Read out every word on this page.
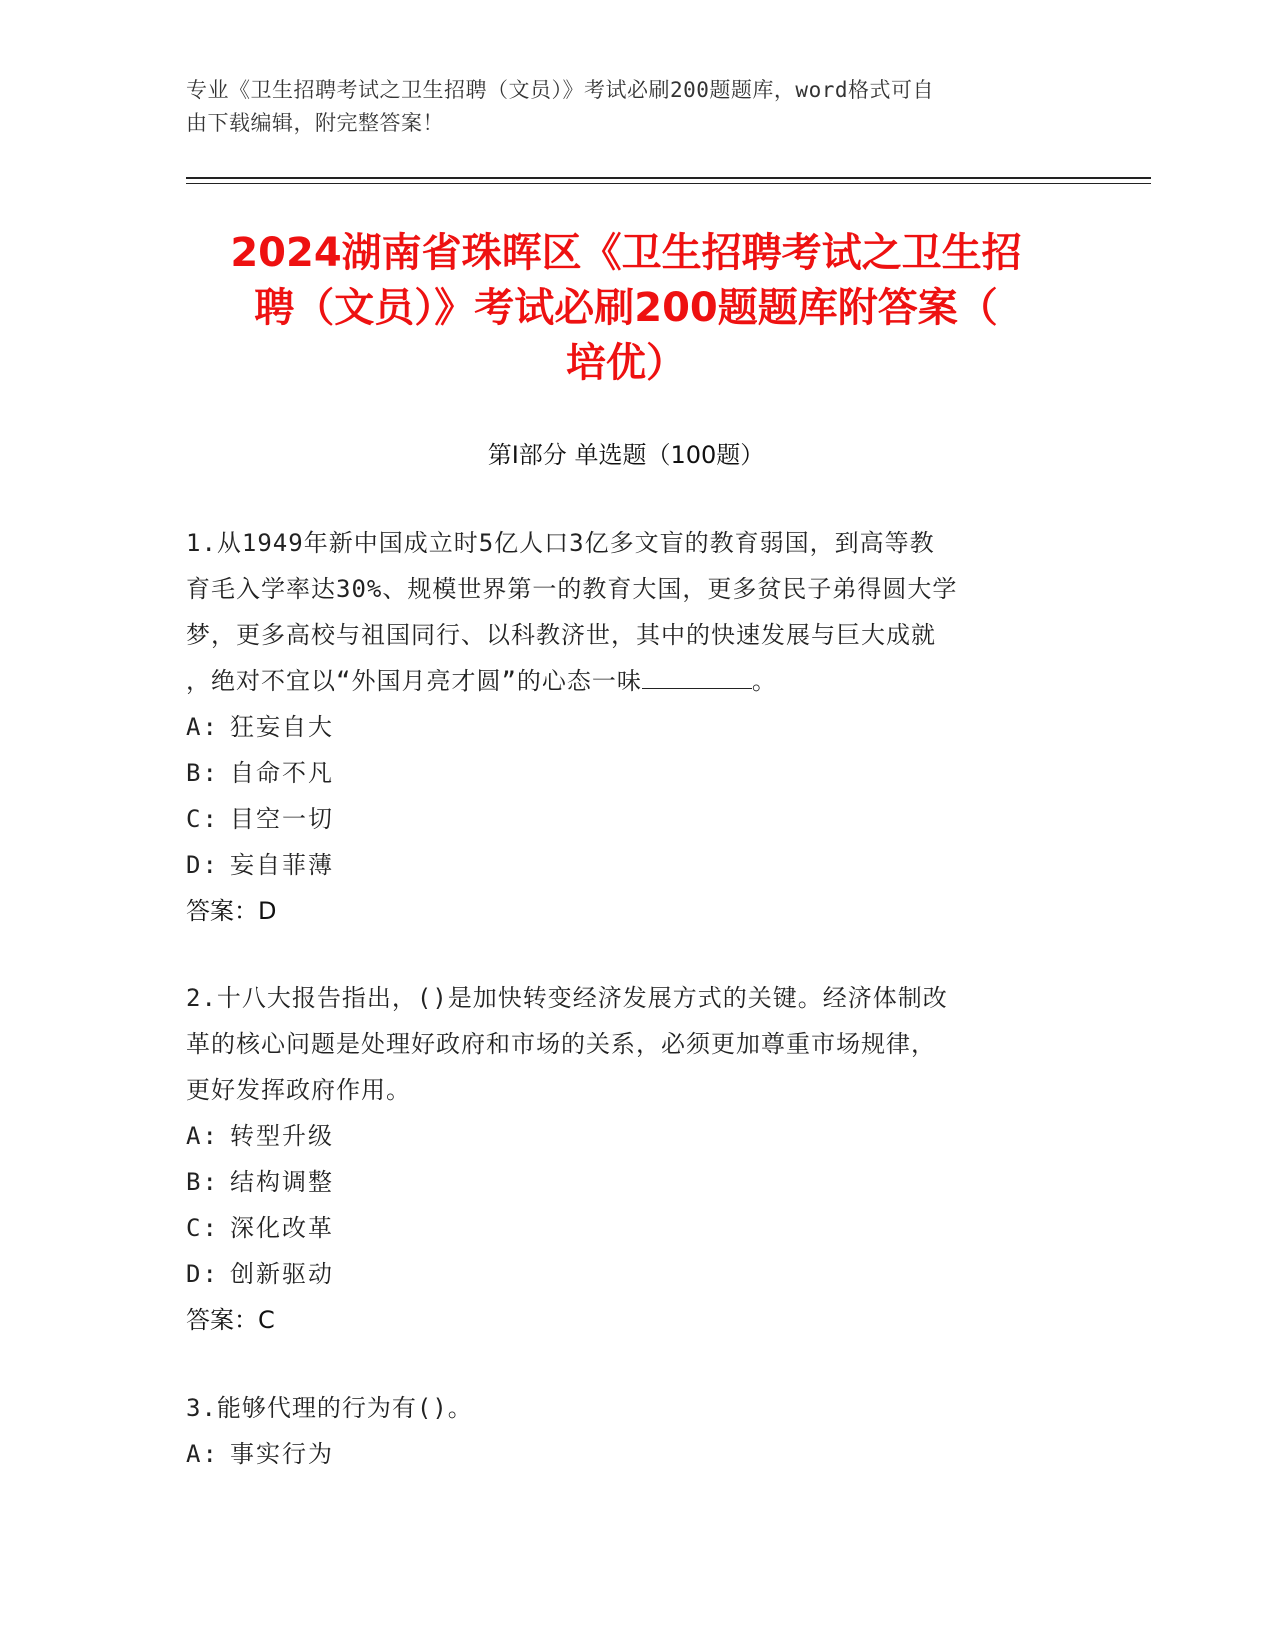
专业《卫生招聘考试之卫生招聘（文员）》考试必刷200题题库，word格式可自
由下载编辑，附完整答案！
2024湖南省珠晖区《卫生招聘考试之卫生招
聘（文员）》考试必刷200题题库附答案（
培优）
第Ⅰ部分 单选题（100题）
1.从1949年新中国成立时5亿人口3亿多文盲的教育弱国，到高等教
育毛入学率达30%、规模世界第一的教育大国，更多贫民子弟得圆大学
梦，更多高校与祖国同行、以科教济世，其中的快速发展与巨大成就
，绝对不宜以“外国月亮才圆”的心态一味	。
A: 狂妄自大
B: 自命不凡
C: 目空一切
D: 妄自菲薄
答案：D
2.十八大报告指出，()是加快转变经济发展方式的关键。经济体制改
革的核心问题是处理好政府和市场的关系，必须更加尊重市场规律，
更好发挥政府作用。
A: 转型升级
B: 结构调整
C: 深化改革
D: 创新驱动
答案：C
3.能够代理的行为有()。
A: 事实行为
